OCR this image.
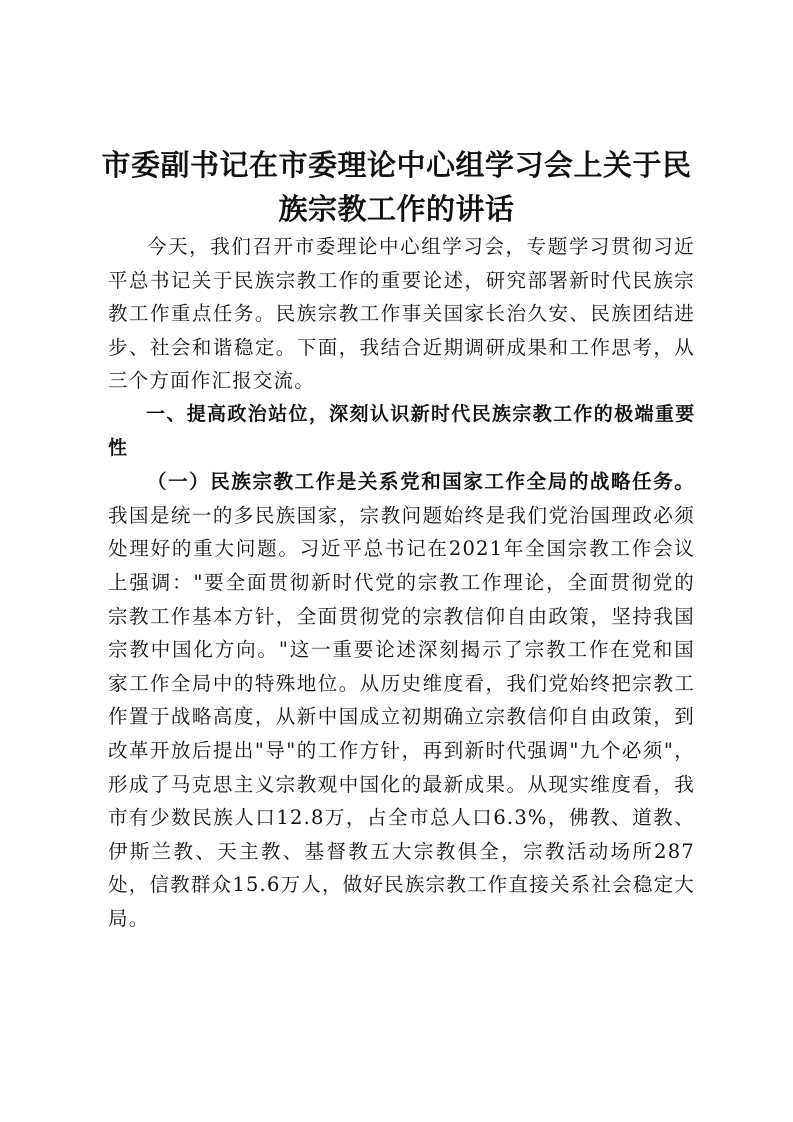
市委副书记在市委理论中心组学习会上关于民族宗教工作的讲话

今天，我们召开市委理论中心组学习会，专题学习贯彻习近平总书记关于民族宗教工作的重要论述，研究部署新时代民族宗教工作重点任务。民族宗教工作事关国家长治久安、民族团结进步、社会和谐稳定。下面，我结合近期调研成果和工作思考，从三个方面作汇报交流。

一、提高政治站位，深刻认识新时代民族宗教工作的极端重要性

（一）民族宗教工作是关系党和国家工作全局的战略任务。我国是统一的多民族国家，宗教问题始终是我们党治国理政必须处理好的重大问题。习近平总书记在2021年全国宗教工作会议上强调："要全面贯彻新时代党的宗教工作理论，全面贯彻党的宗教工作基本方针，全面贯彻党的宗教信仰自由政策，坚持我国宗教中国化方向。"这一重要论述深刻揭示了宗教工作在党和国家工作全局中的特殊地位。从历史维度看，我们党始终把宗教工作置于战略高度，从新中国成立初期确立宗教信仰自由政策，到改革开放后提出"导"的工作方针，再到新时代强调"九个必须"，形成了马克思主义宗教观中国化的最新成果。从现实维度看，我市有少数民族人口12.8万，占全市总人口6.3%，佛教、道教、伊斯兰教、天主教、基督教五大宗教俱全，宗教活动场所287处，信教群众15.6万人，做好民族宗教工作直接关系社会稳定大局。
